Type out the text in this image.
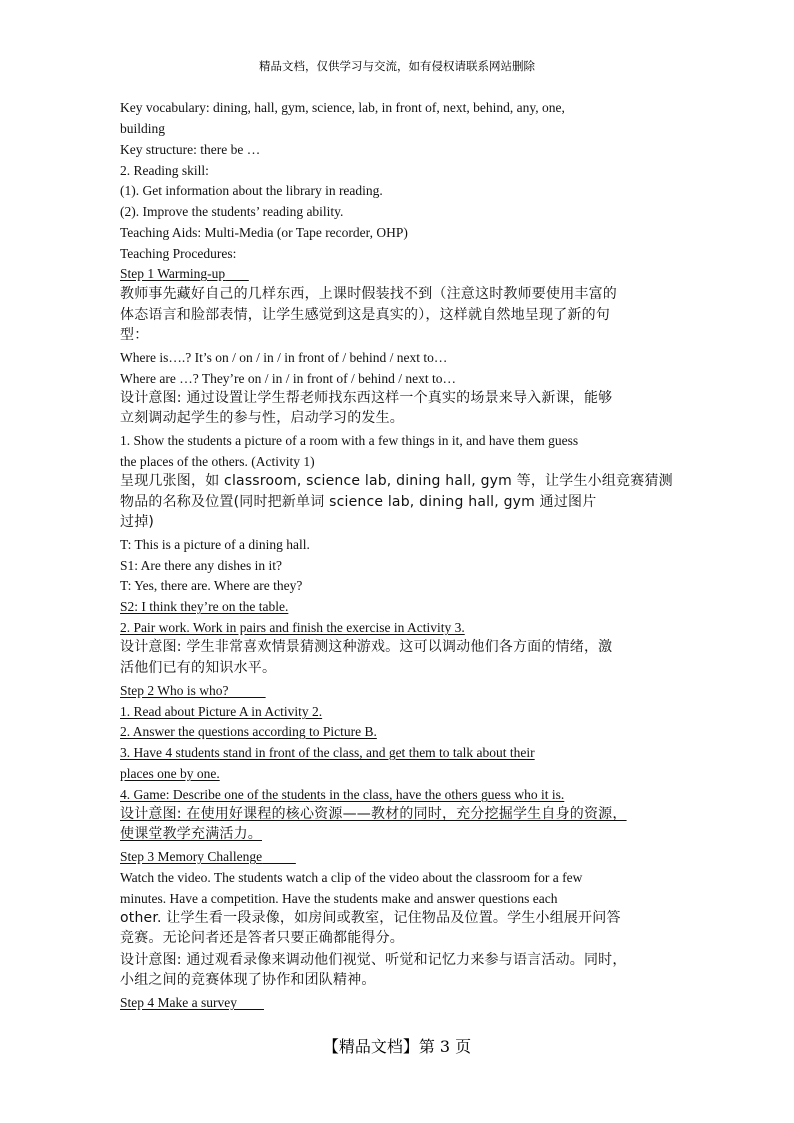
精品文档，仅供学习与交流，如有侵权请联系网站删除
Key vocabulary: dining, hall, gym, science, lab, in front of, next, behind, any, one,
building
Key structure: there be …
2. Reading skill:
(1). Get information about the library in reading.
(2). Improve the students’ reading ability.
Teaching Aids: Multi-Media (or Tape recorder, OHP)
Teaching Procedures:
Step 1 Warming-up
教师事先藏好自己的几样东西，上课时假装找不到（注意这时教师要使用丰富的
体态语言和脸部表情，让学生感觉到这是真实的），这样就自然地呈现了新的句
型：
Where is….? It’s on / on / in / in front of / behind / next to…
Where are …? They’re on / in / in front of / behind / next to…
设计意图: 通过设置让学生帮老师找东西这样一个真实的场景来导入新课，能够
立刻调动起学生的参与性，启动学习的发生。
1. Show the students a picture of a room with a few things in it, and have them guess
the places of the others. (Activity 1)
呈现几张图，如 classroom, science lab, dining hall, gym 等，让学生小组竞赛猜测
物品的名称及位置(同时把新单词 science lab, dining hall, gym 通过图片
过掉)
T: This is a picture of a dining hall.
S1: Are there any dishes in it?
T: Yes, there are. Where are they?
S2: I think they’re on the table.
2. Pair work. Work in pairs and finish the exercise in Activity 3.
设计意图: 学生非常喜欢情景猜测这种游戏。这可以调动他们各方面的情绪，激
活他们已有的知识水平。
Step 2 Who is who?
1. Read about Picture A in Activity 2.
2. Answer the questions according to Picture B.
3. Have 4 students stand in front of the class, and get them to talk about their
places one by one.
4. Game: Describe one of the students in the class, have the others guess who it is.
设计意图: 在使用好课程的核心资源——教材的同时，充分挖掘学生自身的资源，
使课堂教学充满活力。
Step 3 Memory Challenge
Watch the video. The students watch a clip of the video about the classroom for a few
minutes. Have a competition. Have the students make and answer questions each
other. 让学生看一段录像，如房间或教室，记住物品及位置。学生小组展开问答
竞赛。无论问者还是答者只要正确都能得分。
设计意图: 通过观看录像来调动他们视觉、听觉和记忆力来参与语言活动。同时，
小组之间的竞赛体现了协作和团队精神。
Step 4 Make a survey
【精品文档】第 3 页
